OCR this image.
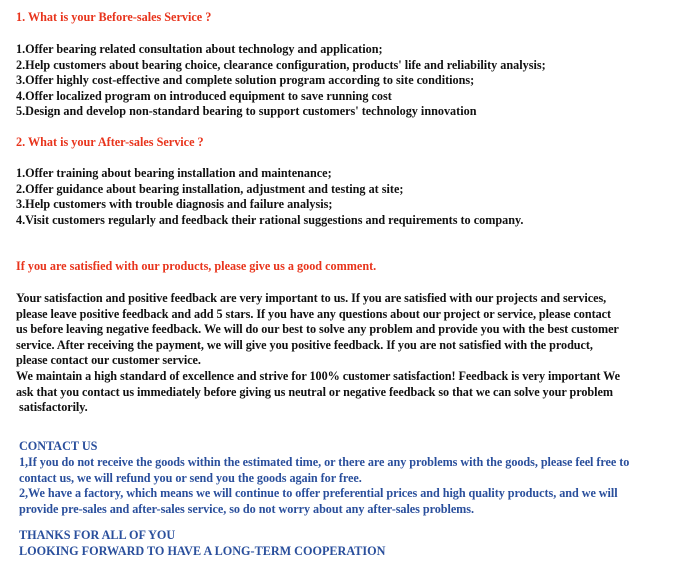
1. What is your Before-sales Service ?
1.Offer bearing related consultation about technology and application;
2.Help customers about bearing choice, clearance configuration, products' life and reliability analysis;
3.Offer highly cost-effective and complete solution program according to site conditions;
4.Offer localized program on introduced equipment to save running cost
5.Design and develop non-standard bearing to support customers' technology innovation
2. What is your After-sales Service ?
1.Offer training about bearing installation and maintenance;
2.Offer guidance about bearing installation, adjustment and testing at site;
3.Help customers with trouble diagnosis and failure analysis;
4.Visit customers regularly and feedback their rational suggestions and requirements to company.
If you are satisfied with our products, please give us a good comment.
Your satisfaction and positive feedback are very important to us. If you are satisfied with our projects and services,
please leave positive feedback and add 5 stars. If you have any questions about our project or service, please contact
us before leaving negative feedback. We will do our best to solve any problem and provide you with the best customer
service. After receiving the payment, we will give you positive feedback. If you are not satisfied with the product,
please contact our customer service.
We maintain a high standard of excellence and strive for 100% customer satisfaction! Feedback is very important We
ask that you contact us immediately before giving us neutral or negative feedback so that we can solve your problem
satisfactorily.
CONTACT US
1,If you do not receive the goods within the estimated time, or there are any problems with the goods, please feel free to
contact us, we will refund you or send you the goods again for free.
2,We have a factory, which means we will continue to offer preferential prices and high quality products, and we will
provide pre-sales and after-sales service, so do not worry about any after-sales problems.
THANKS FOR ALL OF YOU
LOOKING FORWARD TO HAVE A LONG-TERM COOPERATION
